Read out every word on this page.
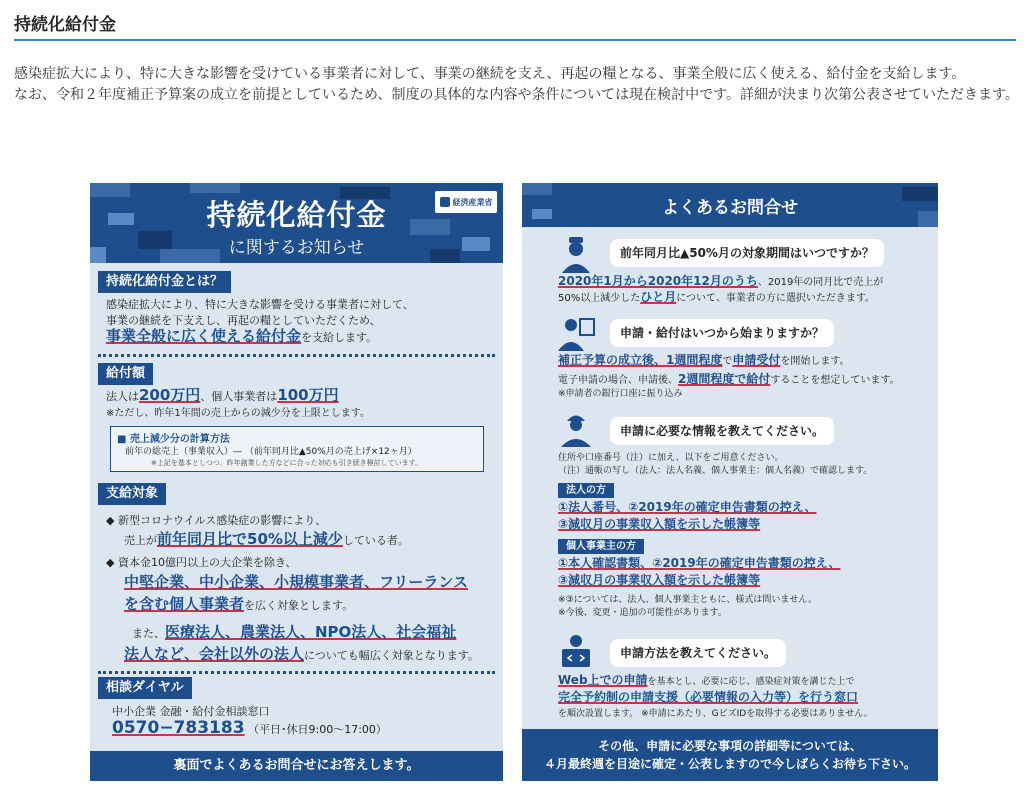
持続化給付金
感染症拡大により、特に大きな影響を受けている事業者に対して、事業の継続を支え、再起の糧となる、事業全般に広く使える、給付金を支給します。
なお、令和２年度補正予算案の成立を前提としているため、制度の具体的な内容や条件については現在検討中です。詳細が決まり次第公表させていただきます。
持続化給付金
に関するお知らせ
経済産業省
持続化給付金とは？
感染症拡大により、特に大きな影響を受ける事業者に対して、
事業の継続を下支えし、再起の糧としていただくため、
事業全般に広く使える給付金を支給します。
給付額
法人は200万円、個人事業者は100万円
※ただし、昨年1年間の売上からの減少分を上限とします。
■ 売上減少分の計算方法
前年の総売上（事業収入）― （前年同月比▲50%月の売上げ×12ヶ月）
※上記を基本としつつ、昨年創業した方などに合った対応も引き続き検討しています。
支給対象
◆ 新型コロナウイルス感染症の影響により、
売上が前年同月比で50%以上減少している者。
◆ 資本金10億円以上の大企業を除き、
中堅企業、中小企業、小規模事業者、フリーランス
を含む個人事業者を広く対象とします。
また、医療法人、農業法人、NPO法人、社会福祉
法人など、会社以外の法人についても幅広く対象となります。
相談ダイヤル
中小企業 金融・給付金相談窓口
0570−783183 （平日･休日9:00〜17:00）
裏面でよくあるお問合せにお答えします。
よくあるお問合せ
前年同月比▲50%月の対象期間はいつですか？
2020年1月から2020年12月のうち、2019年の同月比で売上が
50%以上減少したひと月について、事業者の方に選択いただきます。
申請・給付はいつから始まりますか？
補正予算の成立後、1週間程度で申請受付を開始します。
電子申請の場合、申請後、2週間程度で給付することを想定しています。
※申請者の銀行口座に振り込み
申請に必要な情報を教えてください。
住所や口座番号（注）に加え、以下をご用意ください。
（注）通帳の写し（法人：法人名義、個人事業主：個人名義）で確認します。
法人の方
①法人番号、②2019年の確定申告書類の控え、
③減収月の事業収入額を示した帳簿等
個人事業主の方
①本人確認書類、②2019年の確定申告書類の控え、
③減収月の事業収入額を示した帳簿等
※③については、法人、個人事業主ともに、様式は問いません。
※今後、変更・追加の可能性があります。
申請方法を教えてください。
Web上での申請を基本とし、必要に応じ、感染症対策を講じた上で
完全予約制の申請支援（必要情報の入力等）を行う窓口
を順次設置します。 ※申請にあたり、GビズIDを取得する必要はありません。
その他、申請に必要な事項の詳細等については、
４月最終週を目途に確定・公表しますので今しばらくお待ち下さい。
